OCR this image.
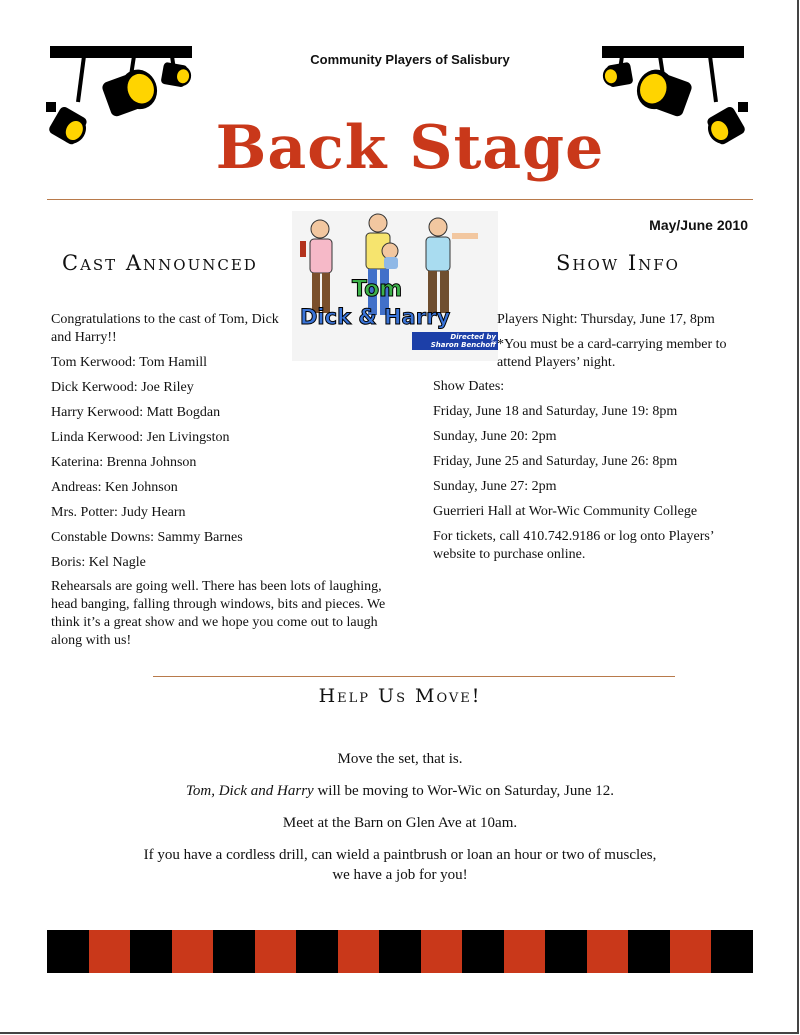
Community Players of Salisbury
Back Stage
May/June 2010
Tom
Dick & Harry
Directed by
Sharon Benchoff
Cast Announced

Congratulations to the cast of Tom, Dick and Harry!!

Tom Kerwood: Tom Hamill

Dick Kerwood: Joe Riley

Harry Kerwood: Matt Bogdan

Linda Kerwood: Jen Livingston

Katerina: Brenna Johnson

Andreas: Ken Johnson

Mrs. Potter: Judy Hearn

Constable Downs: Sammy Barnes

Boris: Kel Nagle

Rehearsals are going well. There has been lots of laughing, head banging, falling through windows, bits and pieces. We think it’s a great show and we hope you come out to laugh along with us!

Show Info

Players Night: Thursday, June 17, 8pm

*You must be a card-carrying member to attend Players’ night.

Show Dates:

Friday, June 18 and Saturday, June 19: 8pm

Sunday, June 20: 2pm

Friday, June 25 and Saturday, June 26: 8pm

Sunday, June 27: 2pm

Guerrieri Hall at Wor-Wic Community College

For tickets, call 410.742.9186 or log onto Players’ website to purchase online.

Help Us Move!

Move the set, that is.

Tom, Dick and Harry will be moving to Wor-Wic on Saturday, June 12.

Meet at the Barn on Glen Ave at 10am.

If you have a cordless drill, can wield a paintbrush or loan an hour or two of muscles,
we have a job for you!
